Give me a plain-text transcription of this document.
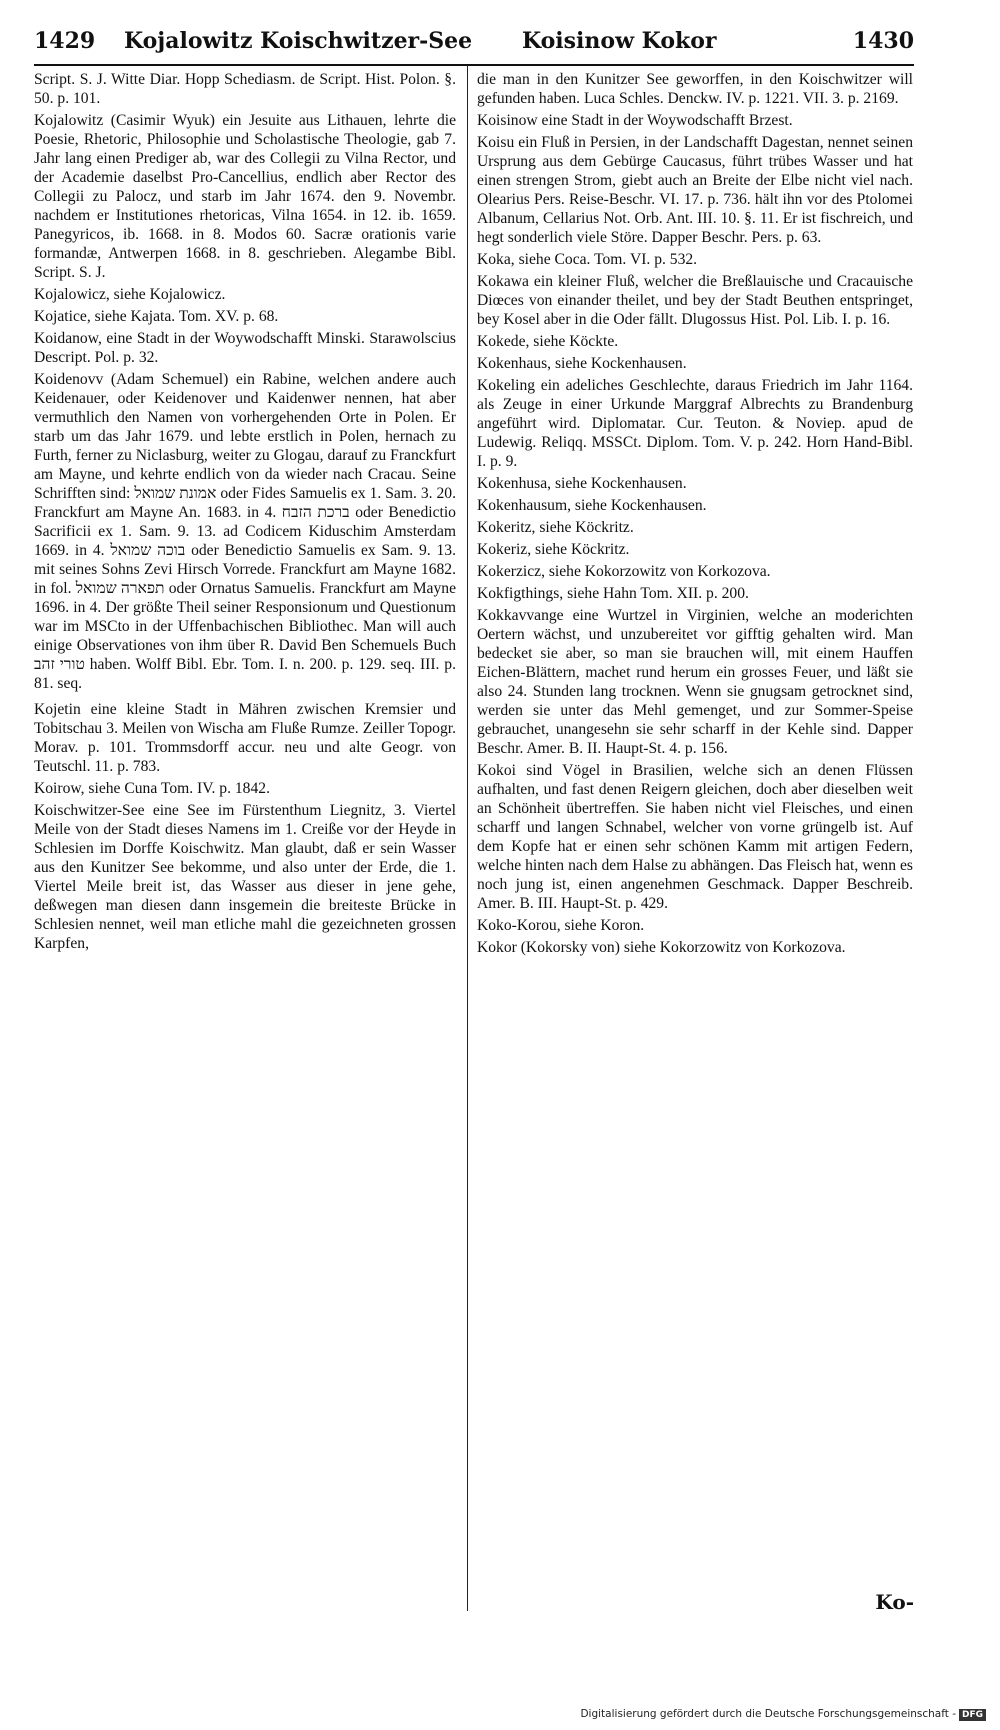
1429 Kojalowitz Koischwitzer-See Koisinow Kokor	1430

Script. S. J. Witte Diar. Hopp Schediasm. de Script. Hist. Polon. §. 50. p. 101.

Kojalowitz (Casimir Wyuk) ein Jesuite aus Lithauen, lehrte die Poesie, Rhetoric, Philosophie und Scholastische Theologie, gab 7. Jahr lang einen Prediger ab, war des Collegii zu Vilna Rector, und der Academie daselbst Pro-Cancellius, endlich aber Rector des Collegii zu Palocz, und starb im Jahr 1674. den 9. Novembr. nachdem er Institutiones rhetoricas, Vilna 1654. in 12. ib. 1659. Panegyricos, ib. 1668. in 8. Modos 60. Sacræ orationis varie formandæ, Antwerpen 1668. in 8. geschrieben. Alegambe Bibl. Script. S. J.

Kojalowicz, siehe Kojalowicz.

Kojatice, siehe Kajata. Tom. XV. p. 68.

Koidanow, eine Stadt in der Woywodschafft Minski. Starawolscius Descript. Pol. p. 32.

Koidenovv (Adam Schemuel) ein Rabine, welchen andere auch Keidenauer, oder Keidenover und Kaidenwer nennen, hat aber vermuthlich den Namen von vorhergehenden Orte in Polen. Er starb um das Jahr 1679. und lebte erstlich in Polen, hernach zu Furth, ferner zu Niclasburg, weiter zu Glogau, darauf zu Franckfurt am Mayne, und kehrte endlich von da wieder nach Cracau. Seine Schrifften sind: אמונת שמואל oder Fides Samuelis ex 1. Sam. 3. 20. Franckfurt am Mayne An. 1683. in 4. ברכת הזבח oder Benedictio Sacrificii ex 1. Sam. 9. 13. ad Codicem Kiduschim Amsterdam 1669. in 4. בוכה שמואל oder Benedictio Samuelis ex Sam. 9. 13. mit seines Sohns Zevi Hirsch Vorrede. Franckfurt am Mayne 1682. in fol. תפארה שמואל oder Ornatus Samuelis. Franckfurt am Mayne 1696. in 4. Der größte Theil seiner Responsionum und Questionum war im MSCto in der Uffenbachischen Bibliothec. Man will auch einige Observationes von ihm über R. David Ben Schemuels Buch טורי זהב haben. Wolff Bibl. Ebr. Tom. I. n. 200. p. 129. seq. III. p. 81. seq.

Kojetin eine kleine Stadt in Mähren zwischen Kremsier und Tobitschau 3. Meilen von Wischa am Fluße Rumze. Zeiller Topogr. Morav. p. 101. Trommsdorff accur. neu und alte Geogr. von Teutschl. 11. p. 783.

Koirow, siehe Cuna Tom. IV. p. 1842.

Koischwitzer-See eine See im Fürstenthum Liegnitz, 3. Viertel Meile von der Stadt dieses Namens im 1. Creiße vor der Heyde in Schlesien im Dorffe Koischwitz. Man glaubt, daß er sein Wasser aus den Kunitzer See bekomme, und also unter der Erde, die 1. Viertel Meile breit ist, das Wasser aus dieser in jene gehe, deßwegen man diesen dann insgemein die breiteste Brücke in Schlesien nennet, weil man etliche mahl die gezeichneten grossen Karpfen,

die man in den Kunitzer See geworffen, in den Koischwitzer will gefunden haben. Luca Schles. Denckw. IV. p. 1221. VII. 3. p. 2169.

Koisinow eine Stadt in der Woywodschafft Brzest.

Koisu ein Fluß in Persien, in der Landschafft Dagestan, nennet seinen Ursprung aus dem Gebürge Caucasus, führt trübes Wasser und hat einen strengen Strom, giebt auch an Breite der Elbe nicht viel nach. Olearius Pers. Reise-Beschr. VI. 17. p. 736. hält ihn vor des Ptolomei Albanum, Cellarius Not. Orb. Ant. III. 10. §. 11. Er ist fischreich, und hegt sonderlich viele Störe. Dapper Beschr. Pers. p. 63.

Koka, siehe Coca. Tom. VI. p. 532.

Kokawa ein kleiner Fluß, welcher die Breßlauische und Cracauische Diœces von einander theilet, und bey der Stadt Beuthen entspringet, bey Kosel aber in die Oder fällt. Dlugossus Hist. Pol. Lib. I. p. 16.

Kokede, siehe Köckte.

Kokenhaus, siehe Kockenhausen.

Kokeling ein adeliches Geschlechte, daraus Friedrich im Jahr 1164. als Zeuge in einer Urkunde Marggraf Albrechts zu Brandenburg angeführt wird. Diplomatar. Cur. Teuton. & Noviep. apud de Ludewig. Reliqq. MSSCt. Diplom. Tom. V. p. 242. Horn Hand-Bibl. I. p. 9.

Kokenhusa, siehe Kockenhausen.

Kokenhausum, siehe Kockenhausen.

Kokeritz, siehe Köckritz.

Kokeriz, siehe Köckritz.

Kokerzicz, siehe Kokorzowitz von Korkozova.

Kokfigthings, siehe Hahn Tom. XII. p. 200.

Kokkavvange eine Wurtzel in Virginien, welche an moderichten Oertern wächst, und unzubereitet vor gifftig gehalten wird. Man bedecket sie aber, so man sie brauchen will, mit einem Hauffen Eichen-Blättern, machet rund herum ein grosses Feuer, und läßt sie also 24. Stunden lang trocknen. Wenn sie gnugsam getrocknet sind, werden sie unter das Mehl gemenget, und zur Sommer-Speise gebrauchet, unangesehn sie sehr scharff in der Kehle sind. Dapper Beschr. Amer. B. II. Haupt-St. 4. p. 156.

Kokoi sind Vögel in Brasilien, welche sich an denen Flüssen aufhalten, und fast denen Reigern gleichen, doch aber dieselben weit an Schönheit übertreffen. Sie haben nicht viel Fleisches, und einen scharff und langen Schnabel, welcher von vorne grüngelb ist. Auf dem Kopfe hat er einen sehr schönen Kamm mit artigen Federn, welche hinten nach dem Halse zu abhängen. Das Fleisch hat, wenn es noch jung ist, einen angenehmen Geschmack. Dapper Beschreib. Amer. B. III. Haupt-St. p. 429.

Koko-Korou, siehe Koron.

Kokor (Kokorsky von) siehe Kokorzowitz von Korkozova.

Ko-
Digitalisierung gefördert durch die Deutsche Forschungsgemeinschaft - DFG
